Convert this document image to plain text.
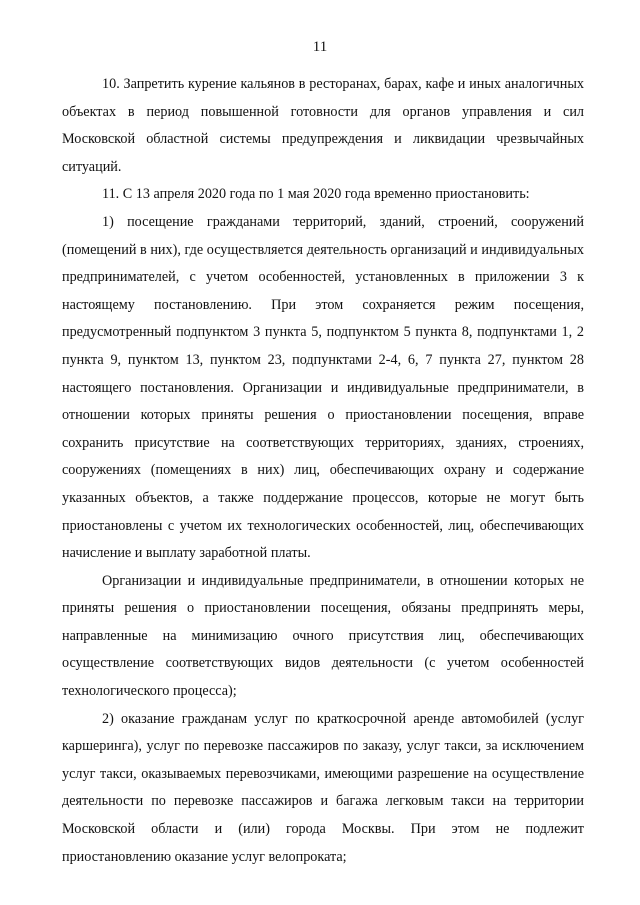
11

10. Запретить курение кальянов в ресторанах, барах, кафе и иных аналогичных объектах в период повышенной готовности для органов управления и сил Московской областной системы предупреждения и ликвидации чрезвычайных ситуаций.

11. С 13 апреля 2020 года по 1 мая 2020 года временно приостановить:

1) посещение гражданами территорий, зданий, строений, сооружений (помещений в них), где осуществляется деятельность организаций и индивидуальных предпринимателей, с учетом особенностей, установленных в приложении 3 к настоящему постановлению. При этом сохраняется режим посещения, предусмотренный подпунктом 3 пункта 5, подпунктом 5 пункта 8, подпунктами 1, 2 пункта 9, пунктом 13, пунктом 23, подпунктами 2-4, 6, 7 пункта 27, пунктом 28 настоящего постановления. Организации и индивидуальные предприниматели, в отношении которых приняты решения о приостановлении посещения, вправе сохранить присутствие на соответствующих территориях, зданиях, строениях, сооружениях (помещениях в них) лиц, обеспечивающих охрану и содержание указанных объектов, а также поддержание процессов, которые не могут быть приостановлены с учетом их технологических особенностей, лиц, обеспечивающих начисление и выплату заработной платы.

Организации и индивидуальные предприниматели, в отношении которых не приняты решения о приостановлении посещения, обязаны предпринять меры, направленные на минимизацию очного присутствия лиц, обеспечивающих осуществление соответствующих видов деятельности (с учетом особенностей технологического процесса);

2) оказание гражданам услуг по краткосрочной аренде автомобилей (услуг каршеринга), услуг по перевозке пассажиров по заказу, услуг такси, за исключением услуг такси, оказываемых перевозчиками, имеющими разрешение на осуществление деятельности по перевозке пассажиров и багажа легковым такси на территории Московской области и (или) города Москвы. При этом не подлежит приостановлению оказание услуг велопроката;
